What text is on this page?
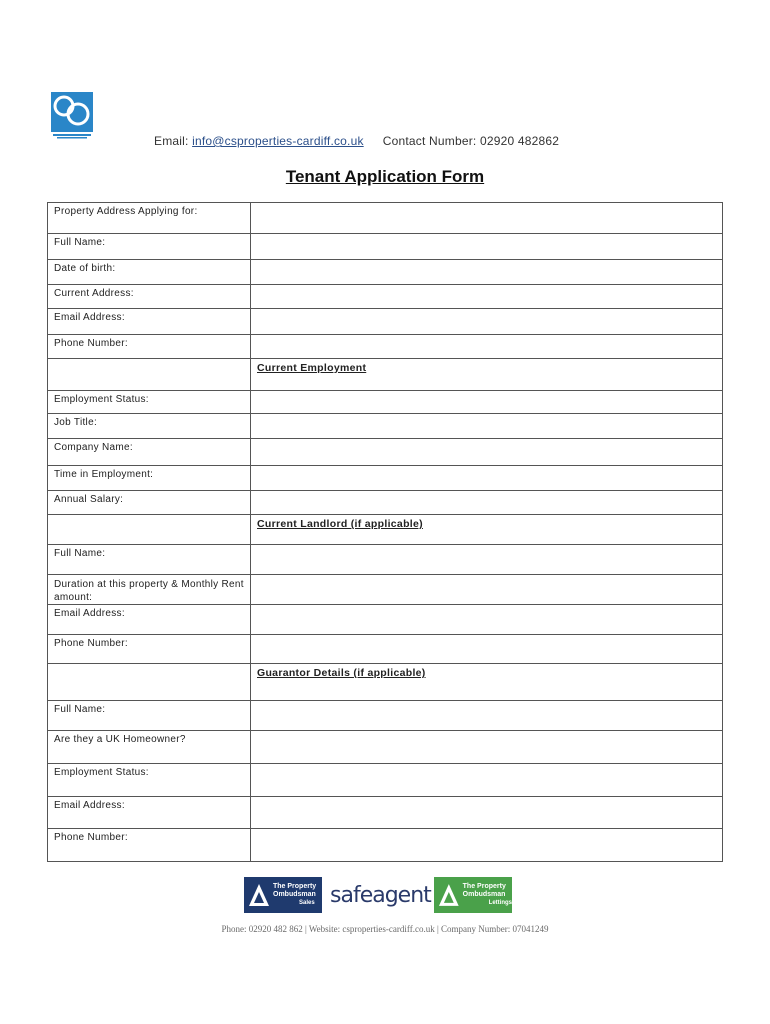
Email: info@csproperties-cardiff.co.uk Contact Number: 02920 482862
Tenant Application Form
Property Address Applying for:	
Full Name:	
Date of birth:	
Current Address:	
Email Address:	
Phone Number:	
	Current Employment
Employment Status:	
Job Title:	
Company Name:	
Time in Employment:	
Annual Salary:	
	Current Landlord (if applicable)
Full Name:	
Duration at this property & Monthly Rent amount:	
Email Address:	
Phone Number:	
	Guarantor Details (if applicable)
Full Name:	
Are they a UK Homeowner?	
Employment Status:	
Email Address:	
Phone Number:	
The Property
Ombudsman
Sales safeagent	The Property
Ombudsman
Lettings
Phone: 02920 482 862 | Website: csproperties-cardiff.co.uk | Company Number: 07041249
